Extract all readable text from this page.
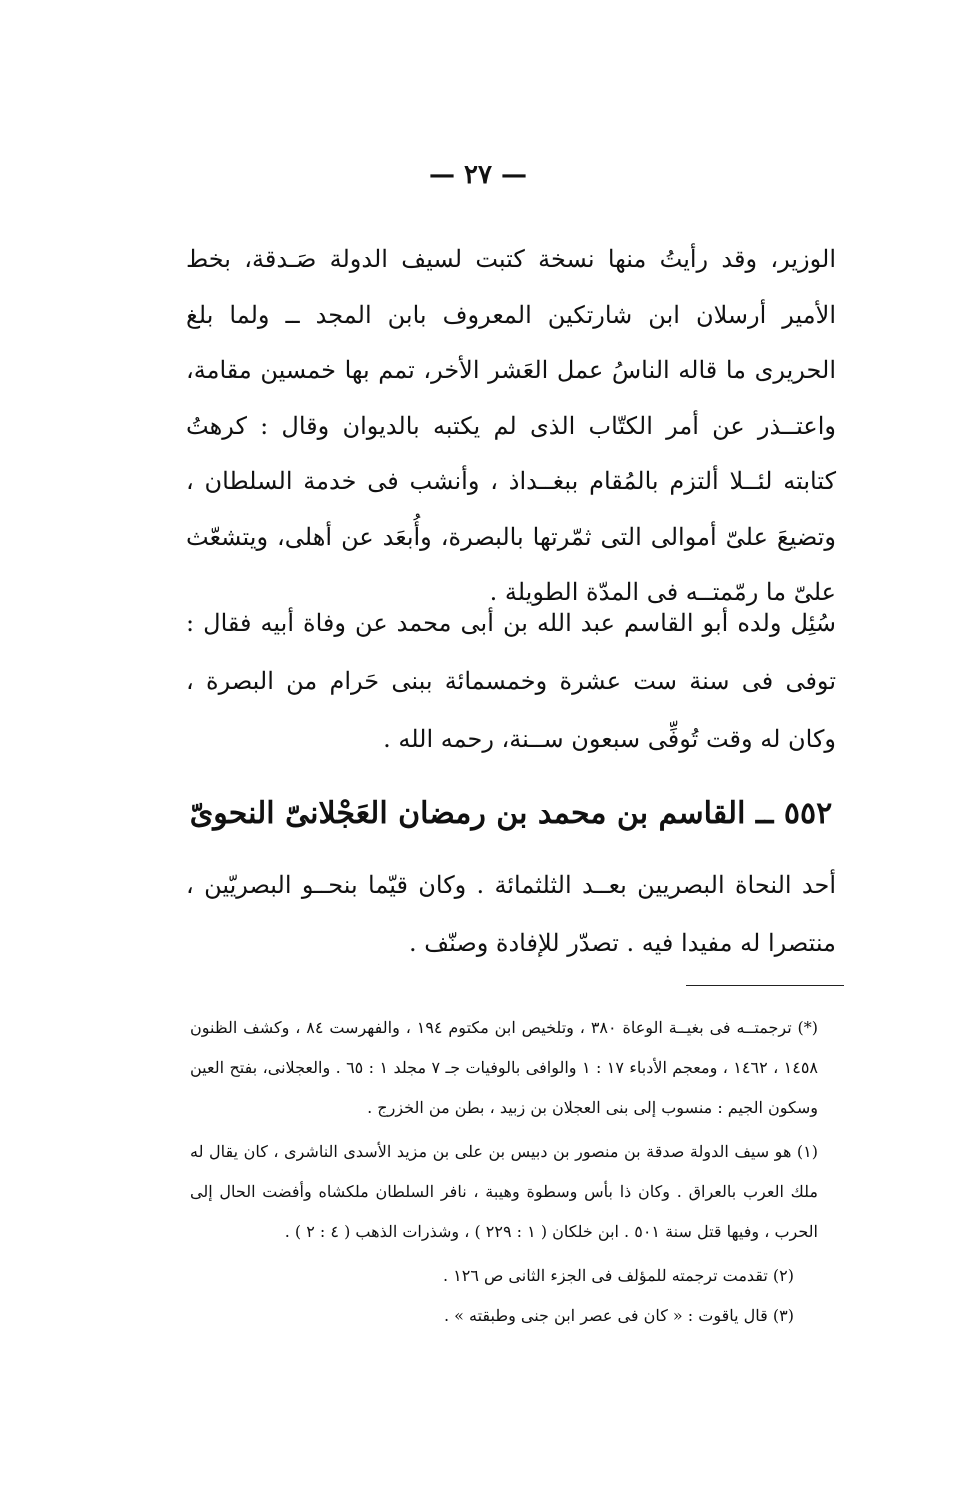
— ٢٧ —

الوزير، وقد رأيتُ منها نسخة كتبت لسيف الدولة صَـدقة، بخط الأمير أرسلان ابن شارتكين المعروف بابن المجد ــ ولما بلغ الحريرى ما قاله الناسُ عمل العَشر الأخر، تمم بها خمسين مقامة، واعتــذر عن أمر الكتّاب الذى لم يكتبه بالديوان وقال : كرهتُ كتابته لئــلا ألتزم بالمُقام ببغــداذ ، وأنشب فى خدمة السلطان ، وتضيعَ علىّ أموالى التى ثمّرتها بالبصرة، وأُبعَد عن أهلى، ويتشعّث علىّ ما رمّمتــه فى المدّة الطويلة .

سُئِل ولده أبو القاسم عبد الله بن أبى محمد عن وفاة أبيه فقال : توفى فى سنة ست عشرة وخمسمائة ببنى حَرام من البصرة ، وكان له وقت تُوفِّى سبعون ســنة، رحمه الله .

٥٥٢ ــ القاسم بن محمد بن رمضان العَجْلانىّ النحوىّ

أحد النحاة البصريين بعــد الثلثمائة . وكان قيّما بنحــو البصريّين ، منتصرا له مفيدا فيه . تصدّر للإفادة وصنّف .

(*) ترجمتــه فى بغيــة الوعاة ٣٨٠ ، وتلخيص ابن مكتوم ١٩٤ ، والفهرست ٨٤ ، وكشف الظنون ١٤٥٨ ، ١٤٦٢ ، ومعجم الأدباء ١٧ : ١ والوافى بالوفيات جـ ٧ مجلد ١ : ٦٥ . والعجلانى، بفتح العين وسكون الجيم : منسوب إلى بنى العجلان بن زبيد ، بطن من الخزرج .
(١) هو سيف الدولة صدقة بن منصور بن دبيس بن على بن مزيد الأسدى الناشرى ، كان يقال له ملك العرب بالعراق . وكان ذا بأس وسطوة وهيبة ، نافر السلطان ملكشاه وأفضت الحال إلى الحرب ، وفيها قتل سنة ٥٠١ . ابن خلكان ( ١ : ٢٢٩ ) ، وشذرات الذهب ( ٤ : ٢ ) .
(٢) تقدمت ترجمته للمؤلف فى الجزء الثانى ص ١٢٦ .
(٣) قال ياقوت : « كان فى عصر ابن جنى وطبقته » .
